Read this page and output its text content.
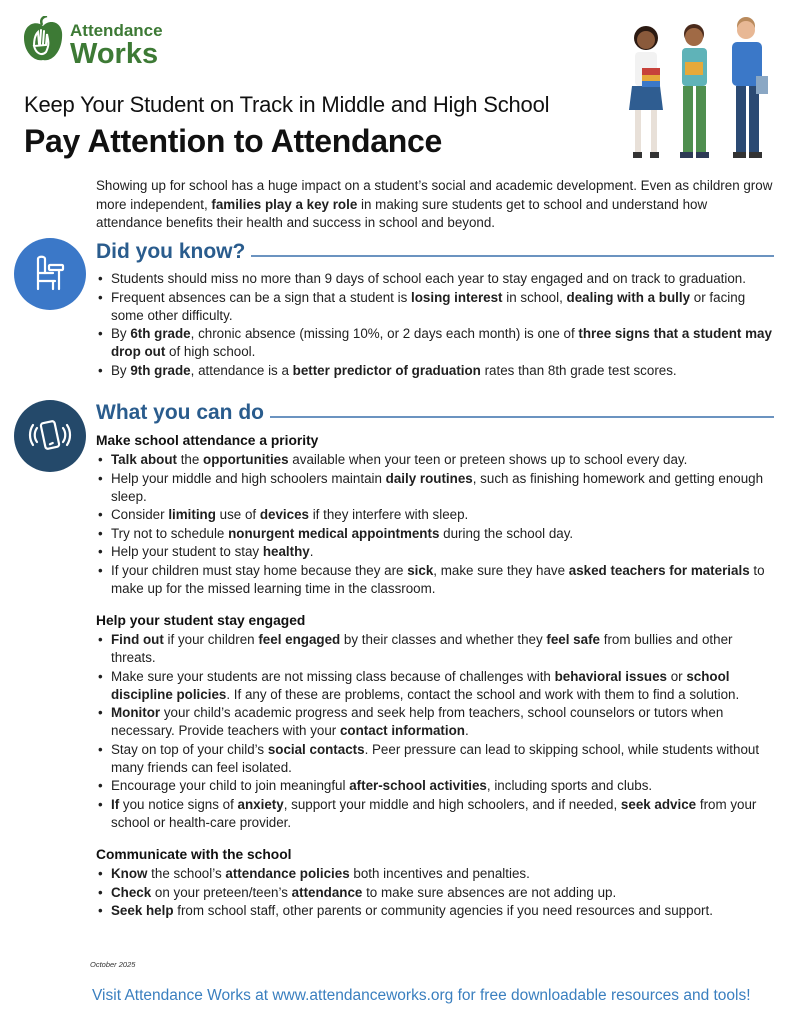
Attendance
Works
Keep Your Student on Track in Middle and High School
Pay Attention to Attendance
Showing up for school has a huge impact on a student’s social and academic development. Even as children grow more independent, families play a key role in making sure students get to school and understand how attendance benefits their health and success in school and beyond.
Did you know?
• Students should miss no more than 9 days of school each year to stay engaged and on track to graduation.
• Frequent absences can be a sign that a student is losing interest in school, dealing with a bully or facing some other difficulty.
• By 6th grade, chronic absence (missing 10%, or 2 days each month) is one of three signs that a student may drop out of high school.
• By 9th grade, attendance is a better predictor of graduation rates than 8th grade test scores.
What you can do
Make school attendance a priority
• Talk about the opportunities available when your teen or preteen shows up to school every day.
• Help your middle and high schoolers maintain daily routines, such as finishing homework and getting enough sleep.
• Consider limiting use of devices if they interfere with sleep.
• Try not to schedule nonurgent medical appointments during the school day.
• Help your student to stay healthy.
• If your children must stay home because they are sick, make sure they have asked teachers for materials to make up for the missed learning time in the classroom.
Help your student stay engaged
• Find out if your children feel engaged by their classes and whether they feel safe from bullies and other threats.
• Make sure your students are not missing class because of challenges with behavioral issues or school discipline policies. If any of these are problems, contact the school and work with them to find a solution.
• Monitor your child’s academic progress and seek help from teachers, school counselors or tutors when necessary. Provide teachers with your contact information.
• Stay on top of your child’s social contacts. Peer pressure can lead to skipping school, while students without many friends can feel isolated.
• Encourage your child to join meaningful after-school activities, including sports and clubs.
• If you notice signs of anxiety, support your middle and high schoolers, and if needed, seek advice from your school or health-care provider.
Communicate with the school
• Know the school’s attendance policies both incentives and penalties.
• Check on your preteen/teen’s attendance to make sure absences are not adding up.
• Seek help from school staff, other parents or community agencies if you need resources and support.
October 2025
Visit Attendance Works at www.attendanceworks.org for free downloadable resources and tools!
